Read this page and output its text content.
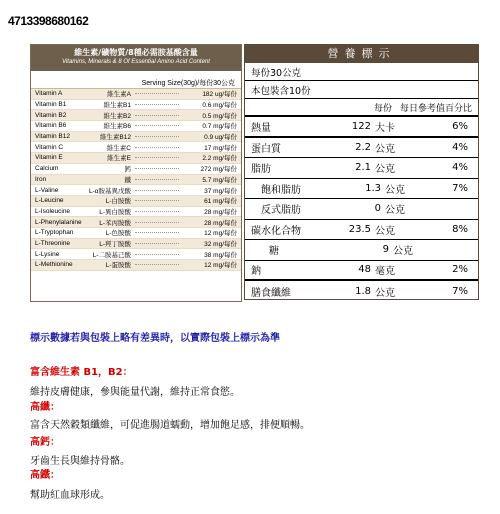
4713398680162
維生素/礦物質/8種必需胺基酸含量
Vitamins, Minerals & 8 Of Essential Amino Acid Content
Serving Size(30g)/每份30公克
Vitamin A	維生素A	182 ug/每份
Vitamin B1	維生素B1	0.6 mg/每份
Vitamin B2	維生素B2	0.5 mg/每份
Vitamin B6	維生素B6	0.7 mg/每份
Vitamin B12	維生素B12	0.9 ug/每份
Vitamin C	維生素C	17 mg/每份
Vitamin E	維生素E	2.2 mg/每份
Calcium	鈣	272 mg/每份
Iron	鐵	5.7 mg/每份
L-Valine	L-α胺基異戊酸	37 mg/每份
L-Leucine	L-白胺酸	61 mg/每份
L-Isoleucine	L-異白胺酸	28 mg/每份
L-Phenylalanine	L-苯丙胺酸	28 mg/每份
L-Tryptophan	L-色胺酸	12 mg/每份
L-Threonine	L-羥丁胺酸	32 mg/每份
L-Lysine	L-二胺基己酸	38 mg/每份
L-Methionine	L-蛋胺酸	12 mg/每份
營養標示
每份30公克
本包裝含10份
每份 每日參考值百分比
熱量	122 大卡	6%
蛋白質	2.2 公克	4%
脂肪	2.1 公克	4%
飽和脂肪	1.3 公克	7%
反式脂肪	0 公克
碳水化合物	23.5 公克	8%
糖	9 公克
鈉	48 毫克	2%
膳食纖維	1.8 公克	7%
標示數據若與包裝上略有差異時，以實際包裝上標示為準
富含維生素 B1，B2：
維持皮膚健康，參與能量代謝，維持正常食慾。
高纖：
富含天然穀類纖維，可促進腸道蠕動，增加飽足感，排便順暢。
高鈣：
牙齒生長與維持骨骼。
高鐵：
幫助紅血球形成。
